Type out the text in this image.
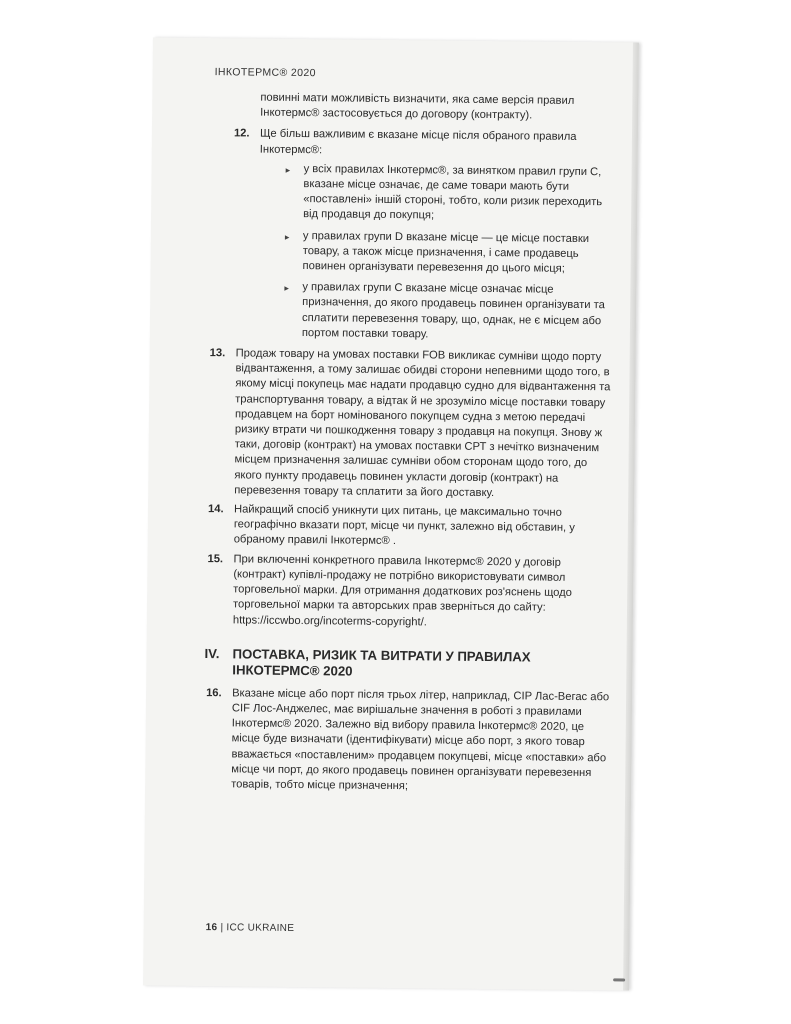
ІНКОТЕРМС® 2020

повинні мати можливість визначити, яка саме версія правил Інкотермс® застосовується до договору (контракту).

12. Ще більш важливим є вказане місце після обраного правила Інкотермс®:

▸ у всіх правилах Інкотермс®, за винятком правил групи С, вказане місце означає, де саме товари мають бути «поставлені» іншій стороні, тобто, коли ризик переходить від продавця до покупця;
▸ у правилах групи D вказане місце — це місце поставки товару, а також місце призначення, і саме продавець повинен організувати перевезення до цього місця;
▸ у правилах групи С вказане місце означає місце призначення, до якого продавець повинен організувати та сплатити перевезення товару, що, однак, не є місцем або портом поставки товару.
13. Продаж товару на умовах поставки FOB викликає сумніви щодо порту відвантаження, а тому залишає обидві сторони непевними щодо того, в якому місці покупець має надати продавцю судно для відвантаження та транспортування товару, а відтак й не зрозуміло місце поставки товару продавцем на борт номінованого покупцем судна з метою передачі ризику втрати чи пошкодження товару з продавця на покупця. Знову ж таки, договір (контракт) на умовах поставки СРТ з нечітко визначеним місцем призначення залишає сумніви обом сторонам щодо того, до якого пункту продавець повинен укласти договір (контракт) на перевезення товару та сплатити за його доставку.

14. Найкращий спосіб уникнути цих питань, це максимально точно географічно вказати порт, місце чи пункт, залежно від обставин, у обраному правилі Інкотермс® .

15. При включенні конкретного правила Інкотермс® 2020 у договір (контракт) купівлі-продажу не потрібно використовувати символ торговельної марки. Для отримання додаткових роз'яснень щодо торговельної марки та авторських прав зверніться до сайту: https://iccwbo.org/incoterms-copyright/.

IV. ПОСТАВКА, РИЗИК ТА ВИТРАТИ У ПРАВИЛАХ ІНКОТЕРМС® 2020
16. Вказане місце або порт після трьох літер, наприклад, CIP Лас-Вегас або CIF Лос-Анджелес, має вирішальне значення в роботі з правилами Інкотермс® 2020. Залежно від вибору правила Інкотермс® 2020, це місце буде визначати (ідентифікувати) місце або порт, з якого товар вважається «поставленим» продавцем покупцеві, місце «поставки» або місце чи порт, до якого продавець повинен організувати перевезення товарів, тобто місце призначення;

16 | ICC UKRAINE
